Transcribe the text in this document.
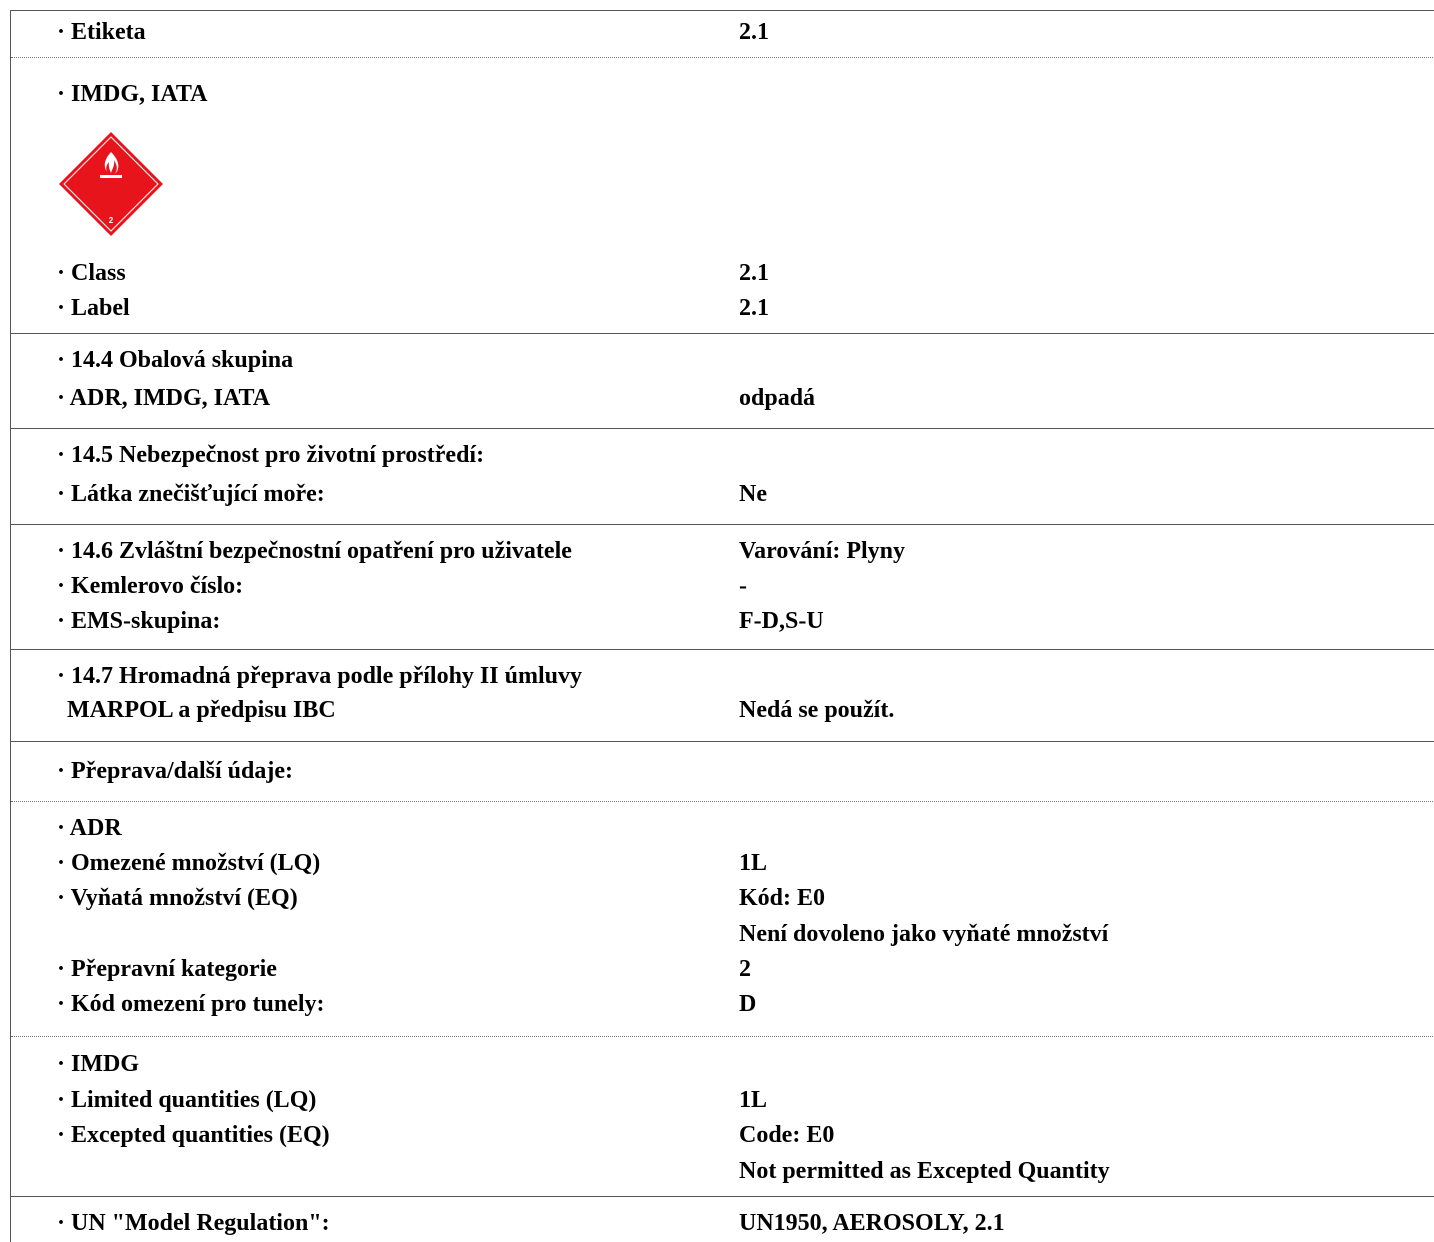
· Etiketa	2.1
· IMDG, IATA
2
· Class	2.1
· Label	2.1
· 14.4 Obalová skupina
· ADR, IMDG, IATA	odpadá
· 14.5 Nebezpečnost pro životní prostředí:
· Látka znečišťující moře:	Ne
· 14.6 Zvláštní bezpečnostní opatření pro uživatele	Varování: Plyny
· Kemlerovo číslo:	-
· EMS-skupina:	F-D,S-U
· 14.7 Hromadná přeprava podle přílohy II úmluvy
MARPOL a předpisu IBC	Nedá se použít.
· Přeprava/další údaje:
· ADR
· Omezené množství (LQ)	1L
· Vyňatá množství (EQ)	Kód: E0
Není dovoleno jako vyňaté množství
· Přepravní kategorie	2
· Kód omezení pro tunely:	D
· IMDG
· Limited quantities (LQ)	1L
· Excepted quantities (EQ)	Code: E0
Not permitted as Excepted Quantity
· UN "Model Regulation":	UN1950, AEROSOLY, 2.1
